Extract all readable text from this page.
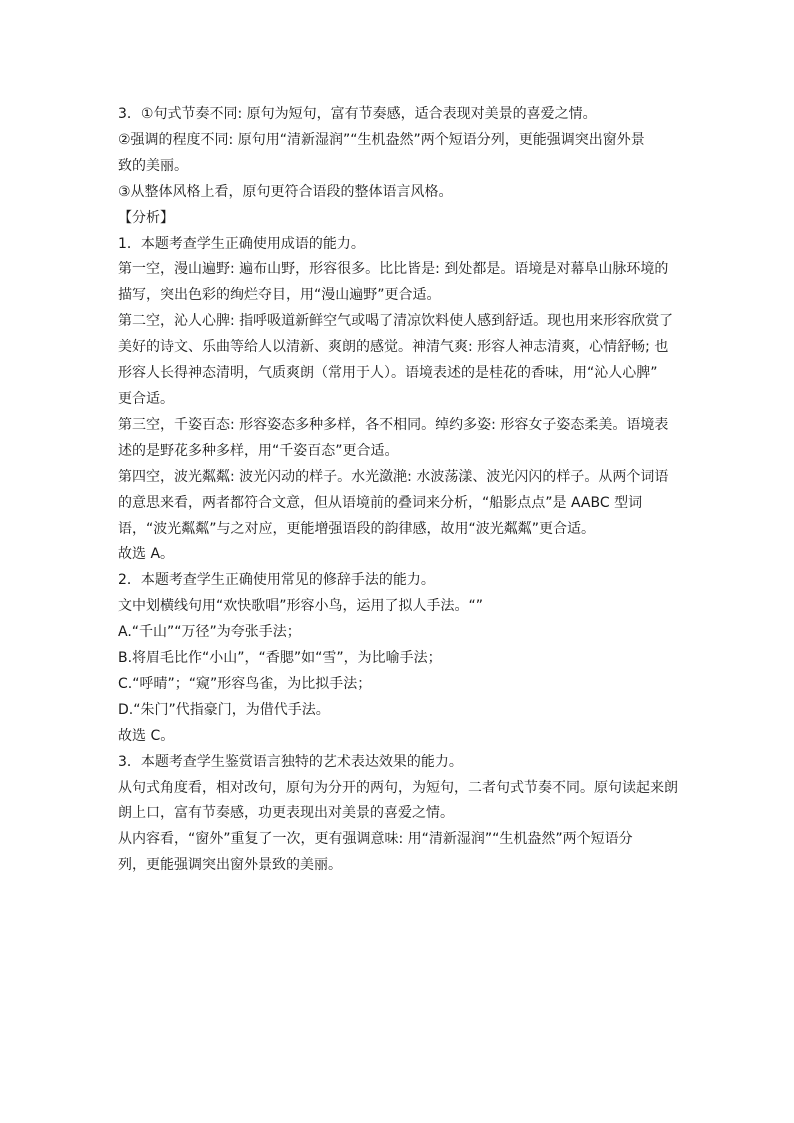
3．①句式节奏不同: 原句为短句，富有节奏感，适合表现对美景的喜爱之情。
②强调的程度不同: 原句用“清新湿润”“生机盎然”两个短语分列，更能强调突出窗外景
致的美丽。
③从整体风格上看，原句更符合语段的整体语言风格。
【分析】
1．本题考查学生正确使用成语的能力。
第一空，漫山遍野: 遍布山野，形容很多。比比皆是: 到处都是。语境是对幕阜山脉环境的
描写，突出色彩的绚烂夺目，用“漫山遍野”更合适。
第二空，沁人心脾: 指呼吸道新鲜空气或喝了清凉饮料使人感到舒适。现也用来形容欣赏了
美好的诗文、乐曲等给人以清新、爽朗的感觉。神清气爽: 形容人神志清爽，心情舒畅; 也
形容人长得神态清明，气质爽朗（常用于人）。语境表述的是桂花的香味，用“沁人心脾”
更合适。
第三空，千姿百态: 形容姿态多种多样，各不相同。绰约多姿: 形容女子姿态柔美。语境表
述的是野花多种多样，用“千姿百态”更合适。
第四空，波光粼粼: 波光闪动的样子。水光潋滟: 水波荡漾、波光闪闪的样子。从两个词语
的意思来看，两者都符合文意，但从语境前的叠词来分析，“船影点点”是 AABC 型词
语，“波光粼粼”与之对应，更能增强语段的韵律感，故用“波光粼粼”更合适。
故选 A。
2．本题考查学生正确使用常见的修辞手法的能力。
文中划横线句用“欢快歌唱”形容小鸟，运用了拟人手法。“”
A.“千山”“万径”为夸张手法；
B.将眉毛比作“小山”，“香腮”如“雪”，为比喻手法；
C.“呼晴”；“窥”形容鸟雀，为比拟手法；
D.“朱门”代指豪门，为借代手法。
故选 C。
3．本题考查学生鉴赏语言独特的艺术表达效果的能力。
从句式角度看，相对改句，原句为分开的两句，为短句，二者句式节奏不同。原句读起来朗
朗上口，富有节奏感，功更表现出对美景的喜爱之情。
从内容看，“窗外”重复了一次，更有强调意味: 用“清新湿润”“生机盎然”两个短语分
列，更能强调突出窗外景致的美丽。
